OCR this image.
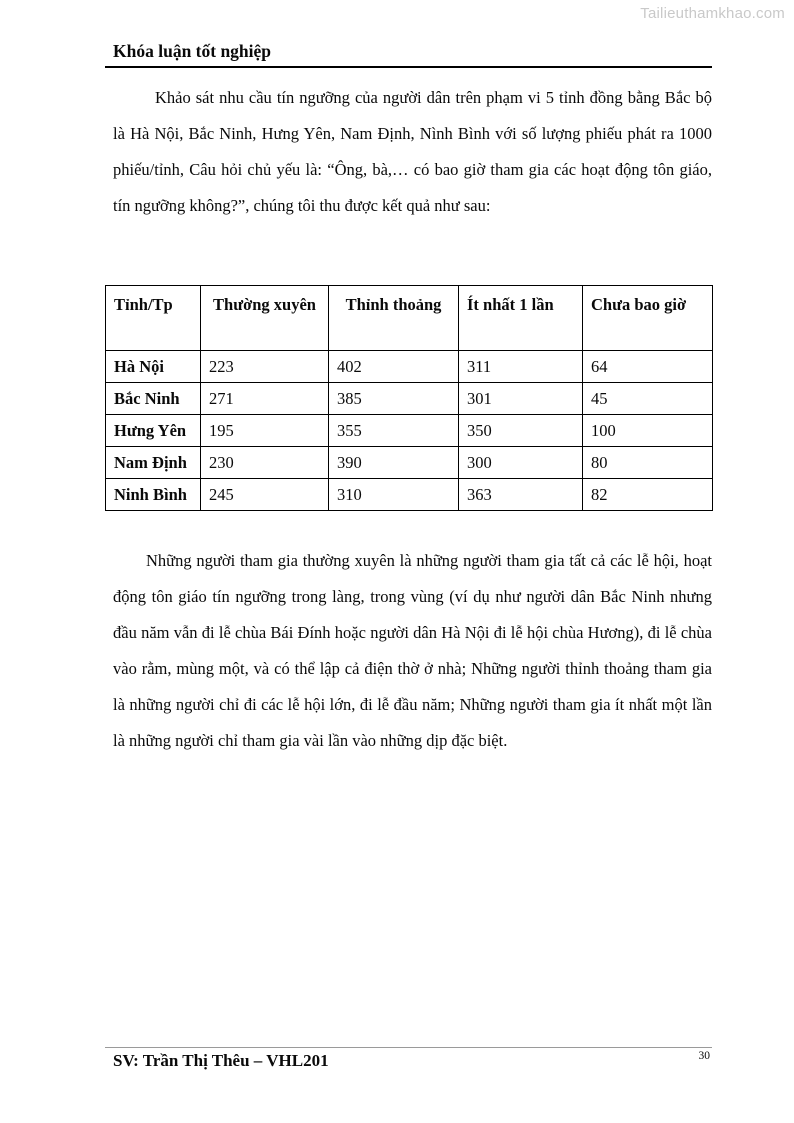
Tailieuthamkhao.com
Khóa luận tốt nghiệp

Khảo sát nhu cầu tín ngưỡng của người dân trên phạm vi 5 tỉnh đồng bằng Bắc bộ là Hà Nội, Bắc Ninh, Hưng Yên, Nam Định, Nình Bình với số lượng phiếu phát ra 1000 phiếu/tỉnh, Câu hỏi chủ yếu là: “Ông, bà,… có bao giờ tham gia các hoạt động tôn giáo, tín ngưỡng không?”, chúng tôi thu được kết quả như sau:

Tỉnh/Tp	Thường xuyên	Thỉnh thoảng	Ít nhất 1 lần	Chưa bao giờ
Hà Nội	223	402	311	64
Bắc Ninh	271	385	301	45
Hưng Yên	195	355	350	100
Nam Định	230	390	300	80
Ninh Bình	245	310	363	82

Những người tham gia thường xuyên là những người tham gia tất cả các lễ hội, hoạt động tôn giáo tín ngưỡng trong làng, trong vùng (ví dụ như người dân Bắc Ninh nhưng đầu năm vẫn đi lễ chùa Bái Đính hoặc người dân Hà Nội đi lễ hội chùa Hương), đi lễ chùa vào rằm, mùng một, và có thể lập cả điện thờ ở nhà; Những người thỉnh thoảng tham gia là những người chỉ đi các lễ hội lớn, đi lễ đầu năm; Những người tham gia ít nhất một lần là những người chỉ tham gia vài lần vào những dịp đặc biệt.

SV: Trần Thị Thêu – VHL201	30
